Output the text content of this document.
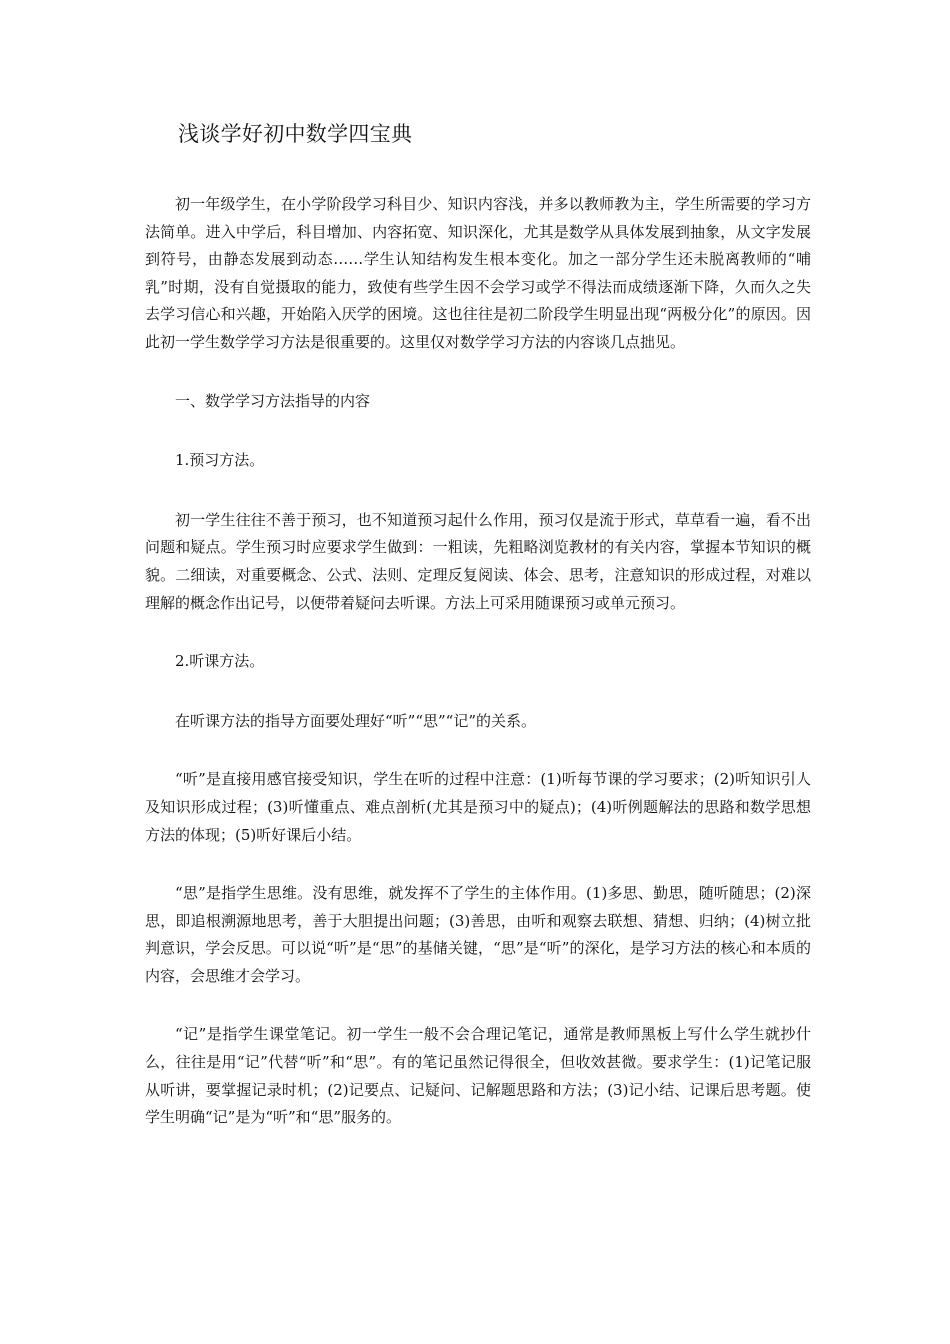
浅谈学好初中数学四宝典

初一年级学生，在小学阶段学习科目少、知识内容浅，并多以教师教为主，学生所需要的学习方法简单。进入中学后，科目增加、内容拓宽、知识深化，尤其是数学从具体发展到抽象，从文字发展到符号，由静态发展到动态……学生认知结构发生根本变化。加之一部分学生还未脱离教师的“哺乳”时期，没有自觉摄取的能力，致使有些学生因不会学习或学不得法而成绩逐渐下降，久而久之失去学习信心和兴趣，开始陷入厌学的困境。这也往往是初二阶段学生明显出现“两极分化”的原因。因此初一学生数学学习方法是很重要的。这里仅对数学学习方法的内容谈几点拙见。

一、数学学习方法指导的内容

1.预习方法。

初一学生往往不善于预习，也不知道预习起什么作用，预习仅是流于形式，草草看一遍，看不出问题和疑点。学生预习时应要求学生做到：一粗读，先粗略浏览教材的有关内容，掌握本节知识的概貌。二细读，对重要概念、公式、法则、定理反复阅读、体会、思考，注意知识的形成过程，对难以理解的概念作出记号，以便带着疑问去听课。方法上可采用随课预习或单元预习。

2.听课方法。

在听课方法的指导方面要处理好“听”“思”“记”的关系。

“听”是直接用感官接受知识，学生在听的过程中注意：(1)听每节课的学习要求；(2)听知识引人及知识形成过程；(3)听懂重点、难点剖析(尤其是预习中的疑点)；(4)听例题解法的思路和数学思想方法的体现；(5)听好课后小结。

“思”是指学生思维。没有思维，就发挥不了学生的主体作用。(1)多思、勤思，随听随思；(2)深思，即追根溯源地思考，善于大胆提出问题；(3)善思，由听和观察去联想、猜想、归纳；(4)树立批判意识，学会反思。可以说“听”是“思”的基储关键，“思”是“听”的深化，是学习方法的核心和本质的内容，会思维才会学习。

“记”是指学生课堂笔记。初一学生一般不会合理记笔记，通常是教师黑板上写什么学生就抄什么，往往是用“记”代替“听”和“思”。有的笔记虽然记得很全，但收效甚微。要求学生：(1)记笔记服从听讲，要掌握记录时机；(2)记要点、记疑问、记解题思路和方法；(3)记小结、记课后思考题。使学生明确“记”是为“听”和“思”服务的。
